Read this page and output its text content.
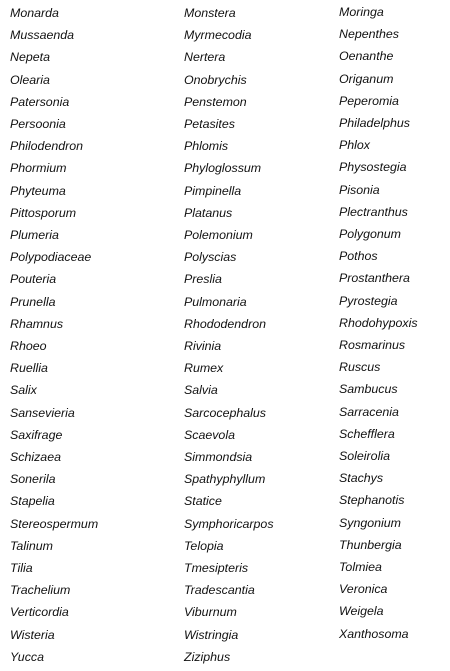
Monarda
Mussaenda
Nepeta
Olearia
Patersonia
Persoonia
Philodendron
Phormium
Phyteuma
Pittosporum
Plumeria
Polypodiaceae
Pouteria
Prunella
Rhamnus
Rhoeo
Ruellia
Salix
Sansevieria
Saxifrage
Schizaea
Sonerila
Stapelia
Stereospermum
Talinum
Tilia
Trachelium
Verticordia
Wisteria
Yucca
Monstera
Myrmecodia
Nertera
Onobrychis
Penstemon
Petasites
Phlomis
Phyloglossum
Pimpinella
Platanus
Polemonium
Polyscias
Preslia
Pulmonaria
Rhododendron
Rivinia
Rumex
Salvia
Sarcocephalus
Scaevola
Simmondsia
Spathyphyllum
Statice
Symphoricarpos
Telopia
Tmesipteris
Tradescantia
Viburnum
Wistringia
Ziziphus
Moringa
Nepenthes
Oenanthe
Origanum
Peperomia
Philadelphus
Phlox
Physostegia
Pisonia
Plectranthus
Polygonum
Pothos
Prostanthera
Pyrostegia
Rhodohypoxis
Rosmarinus
Ruscus
Sambucus
Sarracenia
Schefflera
Soleirolia
Stachys
Stephanotis
Syngonium
Thunbergia
Tolmiea
Veronica
Weigela
Xanthosoma
